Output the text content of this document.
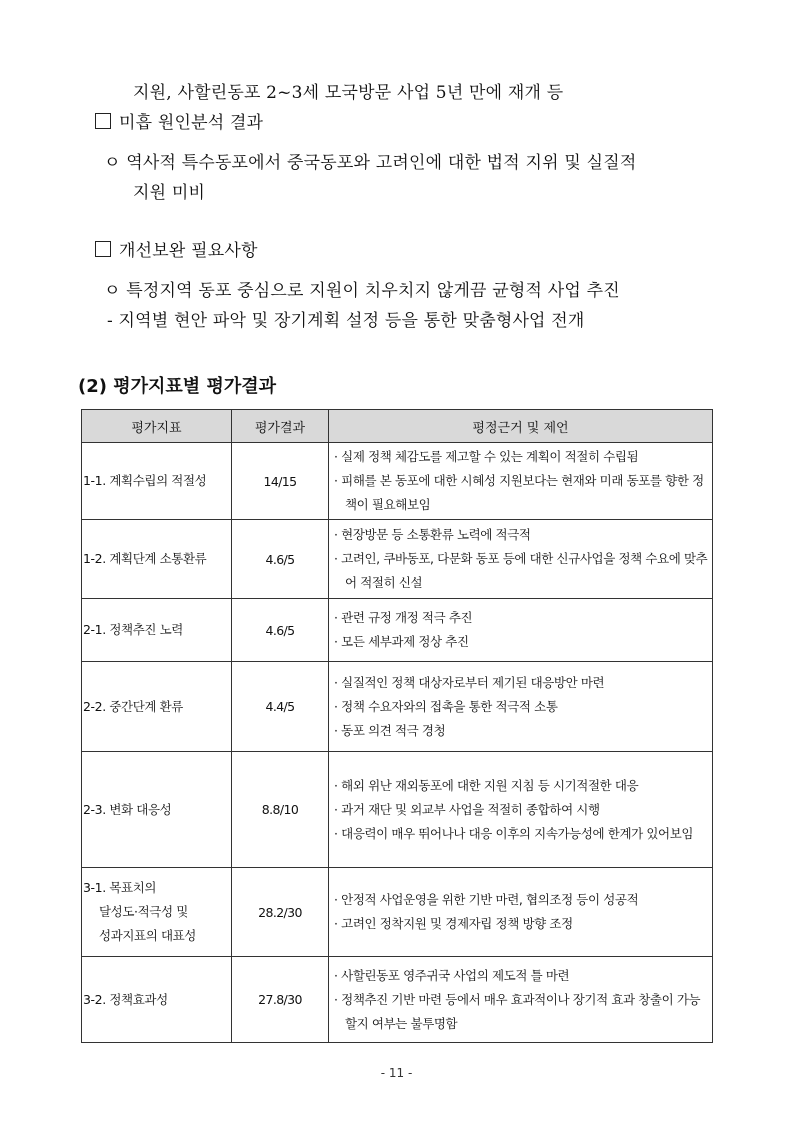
지원, 사할린동포 2~3세 모국방문 사업 5년 만에 재개 등
미흡 원인분석 결과
ㅇ 역사적 특수동포에서 중국동포와 고려인에 대한 법적 지위 및 실질적
지원 미비
개선보완 필요사항
ㅇ 특정지역 동포 중심으로 지원이 치우치지 않게끔 균형적 사업 추진
- 지역별 현안 파악 및 장기계획 설정 등을 통한 맞춤형사업 전개
(2) 평가지표별 평가결과
평가지표	평가결과	평정근거 및 제언
1-1. 계획수립의 적절성	14/15	· 실제 정책 체감도를 제고할 수 있는 계획이 적절히 수립됨
· 피해를 본 동포에 대한 시혜성 지원보다는 현재와 미래 동포를 향한 정책이 필요해보임

1-2. 계획단계 소통환류	4.6/5	· 현장방문 등 소통환류 노력에 적극적
· 고려인, 쿠바동포, 다문화 동포 등에 대한 신규사업을 정책 수요에 맞추어 적절히 신설

2-1. 정책추진 노력	4.6/5	· 관련 규정 개정 적극 추진
· 모든 세부과제 정상 추진

2-2. 중간단계 환류	4.4/5	· 실질적인 정책 대상자로부터 제기된 대응방안 마련
· 정책 수요자와의 접촉을 통한 적극적 소통
· 동포 의견 적극 경청

2-3. 변화 대응성	8.8/10	· 해외 위난 재외동포에 대한 지원 지침 등 시기적절한 대응
· 과거 재단 및 외교부 사업을 적절히 종합하여 시행
· 대응력이 매우 뛰어나나 대응 이후의 지속가능성에 한계가 있어보임

3-1. 목표치의
달성도·적극성 및
성과지표의 대표성	28.2/30	· 안정적 사업운영을 위한 기반 마련, 협의조정 등이 성공적
· 고려인 정착지원 및 경제자립 정책 방향 조정

3-2. 정책효과성	27.8/30	· 사할린동포 영주귀국 사업의 제도적 틀 마련
· 정책추진 기반 마련 등에서 매우 효과적이나 장기적 효과 창출이 가능할지 여부는 불투명함
- 11 -
